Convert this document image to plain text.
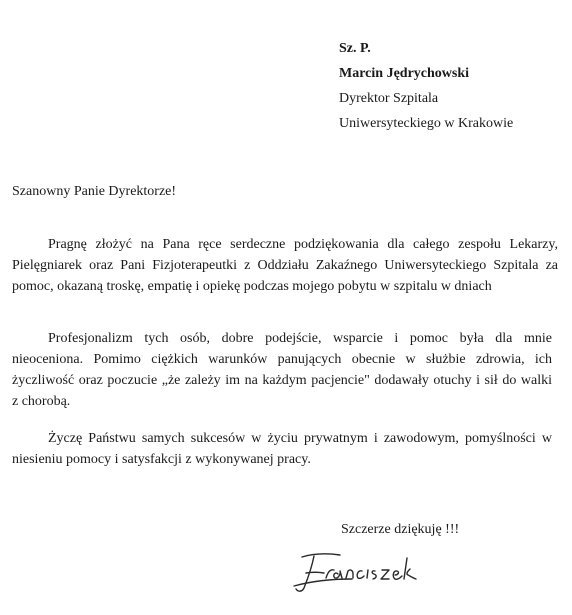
Sz. P.
Marcin Jędrychowski
Dyrektor Szpitala
Uniwersyteckiego w Krakowie
Szanowny Panie Dyrektorze!
Pragnę złożyć na Pana ręce serdeczne podziękowania dla całego zespołu Lekarzy,
Pielęgniarek oraz Pani Fizjoterapeutki z Oddziału Zakaźnego Uniwersyteckiego Szpitala za
pomoc, okazaną troskę, empatię i opiekę podczas mojego pobytu w szpitalu w dniach
Profesjonalizm tych osób, dobre podejście, wsparcie i pomoc była dla mnie
nieoceniona. Pomimo ciężkich warunków panujących obecnie w służbie zdrowia, ich
życzliwość oraz poczucie „że zależy im na każdym pacjencie" dodawały otuchy i sił do walki
z chorobą.
Życzę Państwu samych sukcesów w życiu prywatnym i zawodowym, pomyślności w
niesieniu pomocy i satysfakcji z wykonywanej pracy.
Szczerze dziękuję !!!
